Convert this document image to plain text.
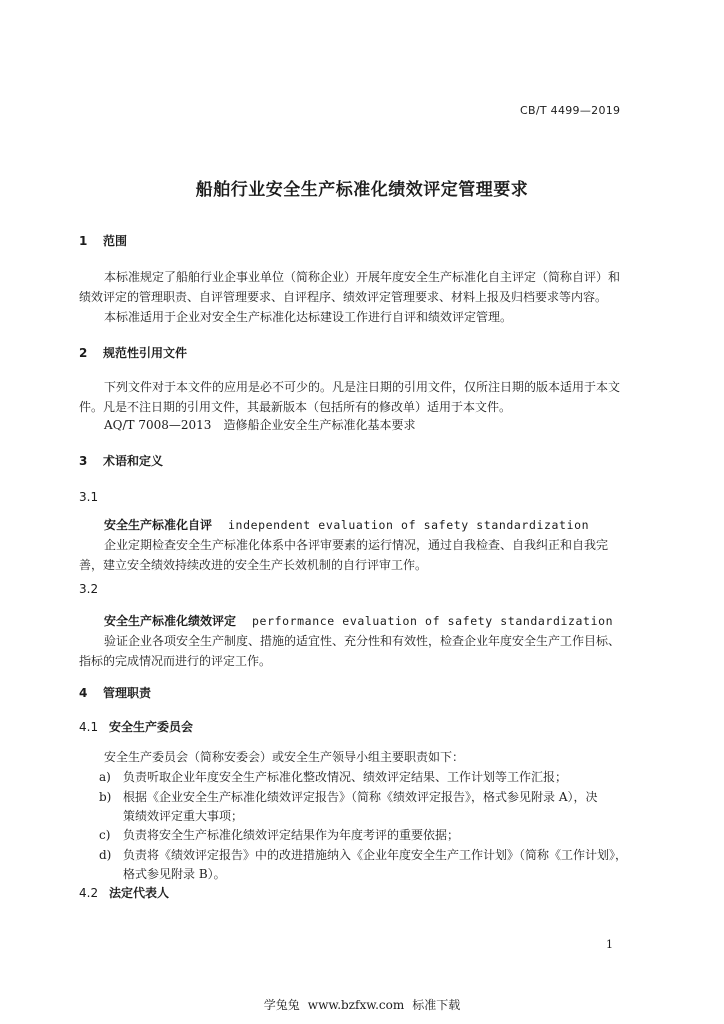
CB/T 4499—2019
船舶行业安全生产标准化绩效评定管理要求
1 范围
本标准规定了船舶行业企事业单位（简称企业）开展年度安全生产标准化自主评定（简称自评）和
绩效评定的管理职责、自评管理要求、自评程序、绩效评定管理要求、材料上报及归档要求等内容。
本标准适用于企业对安全生产标准化达标建设工作进行自评和绩效评定管理。
2 规范性引用文件
下列文件对于本文件的应用是必不可少的。凡是注日期的引用文件，仅所注日期的版本适用于本文
件。凡是不注日期的引用文件，其最新版本（包括所有的修改单）适用于本文件。
AQ/T 7008—2013　造修船企业安全生产标准化基本要求
3 术语和定义
3.1
安全生产标准化自评 independent evaluation of safety standardization
企业定期检查安全生产标准化体系中各评审要素的运行情况，通过自我检查、自我纠正和自我完
善，建立安全绩效持续改进的安全生产长效机制的自行评审工作。
3.2
安全生产标准化绩效评定 performance evaluation of safety standardization
验证企业各项安全生产制度、措施的适宜性、充分性和有效性，检查企业年度安全生产工作目标、
指标的完成情况而进行的评定工作。
4 管理职责
4.1 安全生产委员会
安全生产委员会（简称安委会）或安全生产领导小组主要职责如下：
a) 负责听取企业年度安全生产标准化整改情况、绩效评定结果、工作计划等工作汇报；
b) 根据《企业安全生产标准化绩效评定报告》（简称《绩效评定报告》，格式参见附录 A），决
策绩效评定重大事项；
c) 负责将安全生产标准化绩效评定结果作为年度考评的重要依据；
d) 负责将《绩效评定报告》中的改进措施纳入《企业年度安全生产工作计划》（简称《工作计划》，
格式参见附录 B）。
4.2 法定代表人
1
学兔兔 www.bzfxw.com 标准下载
